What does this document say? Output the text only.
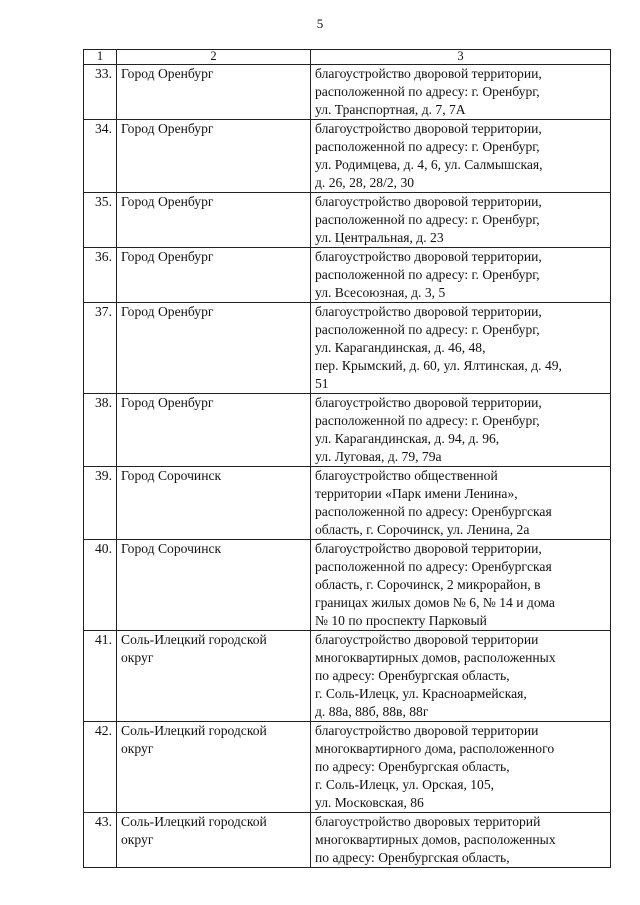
5
1	2	3
33.	Город Оренбург	благоустройство дворовой территории,
расположенной по адресу: г. Оренбург,
ул. Транспортная, д. 7, 7А
34.	Город Оренбург	благоустройство дворовой территории,
расположенной по адресу: г. Оренбург,
ул. Родимцева, д. 4, 6, ул. Салмышская,
д. 26, 28, 28/2, 30
35.	Город Оренбург	благоустройство дворовой территории,
расположенной по адресу: г. Оренбург,
ул. Центральная, д. 23
36.	Город Оренбург	благоустройство дворовой территории,
расположенной по адресу: г. Оренбург,
ул. Всесоюзная, д. 3, 5
37.	Город Оренбург	благоустройство дворовой территории,
расположенной по адресу: г. Оренбург,
ул. Карагандинская, д. 46, 48,
пер. Крымский, д. 60, ул. Ялтинская, д. 49,
51
38.	Город Оренбург	благоустройство дворовой территории,
расположенной по адресу: г. Оренбург,
ул. Карагандинская, д. 94, д. 96,
ул. Луговая, д. 79, 79а
39.	Город Сорочинск	благоустройство общественной
территории «Парк имени Ленина»,
расположенной по адресу: Оренбургская
область, г. Сорочинск, ул. Ленина, 2а
40.	Город Сорочинск	благоустройство дворовой территории,
расположенной по адресу: Оренбургская
область, г. Сорочинск, 2 микрорайон, в
границах жилых домов № 6, № 14 и дома
№ 10 по проспекту Парковый
41.	Соль-Илецкий городской
округ	благоустройство дворовой территории
многоквартирных домов, расположенных
по адресу: Оренбургская область,
г. Соль-Илецк, ул. Красноармейская,
д. 88а, 88б, 88в, 88г
42.	Соль-Илецкий городской
округ	благоустройство дворовой территории
многоквартирного дома, расположенного
по адресу: Оренбургская область,
г. Соль-Илецк, ул. Орская, 105,
ул. Московская, 86
43.	Соль-Илецкий городской
округ	благоустройство дворовых территорий
многоквартирных домов, расположенных
по адресу: Оренбургская область,
